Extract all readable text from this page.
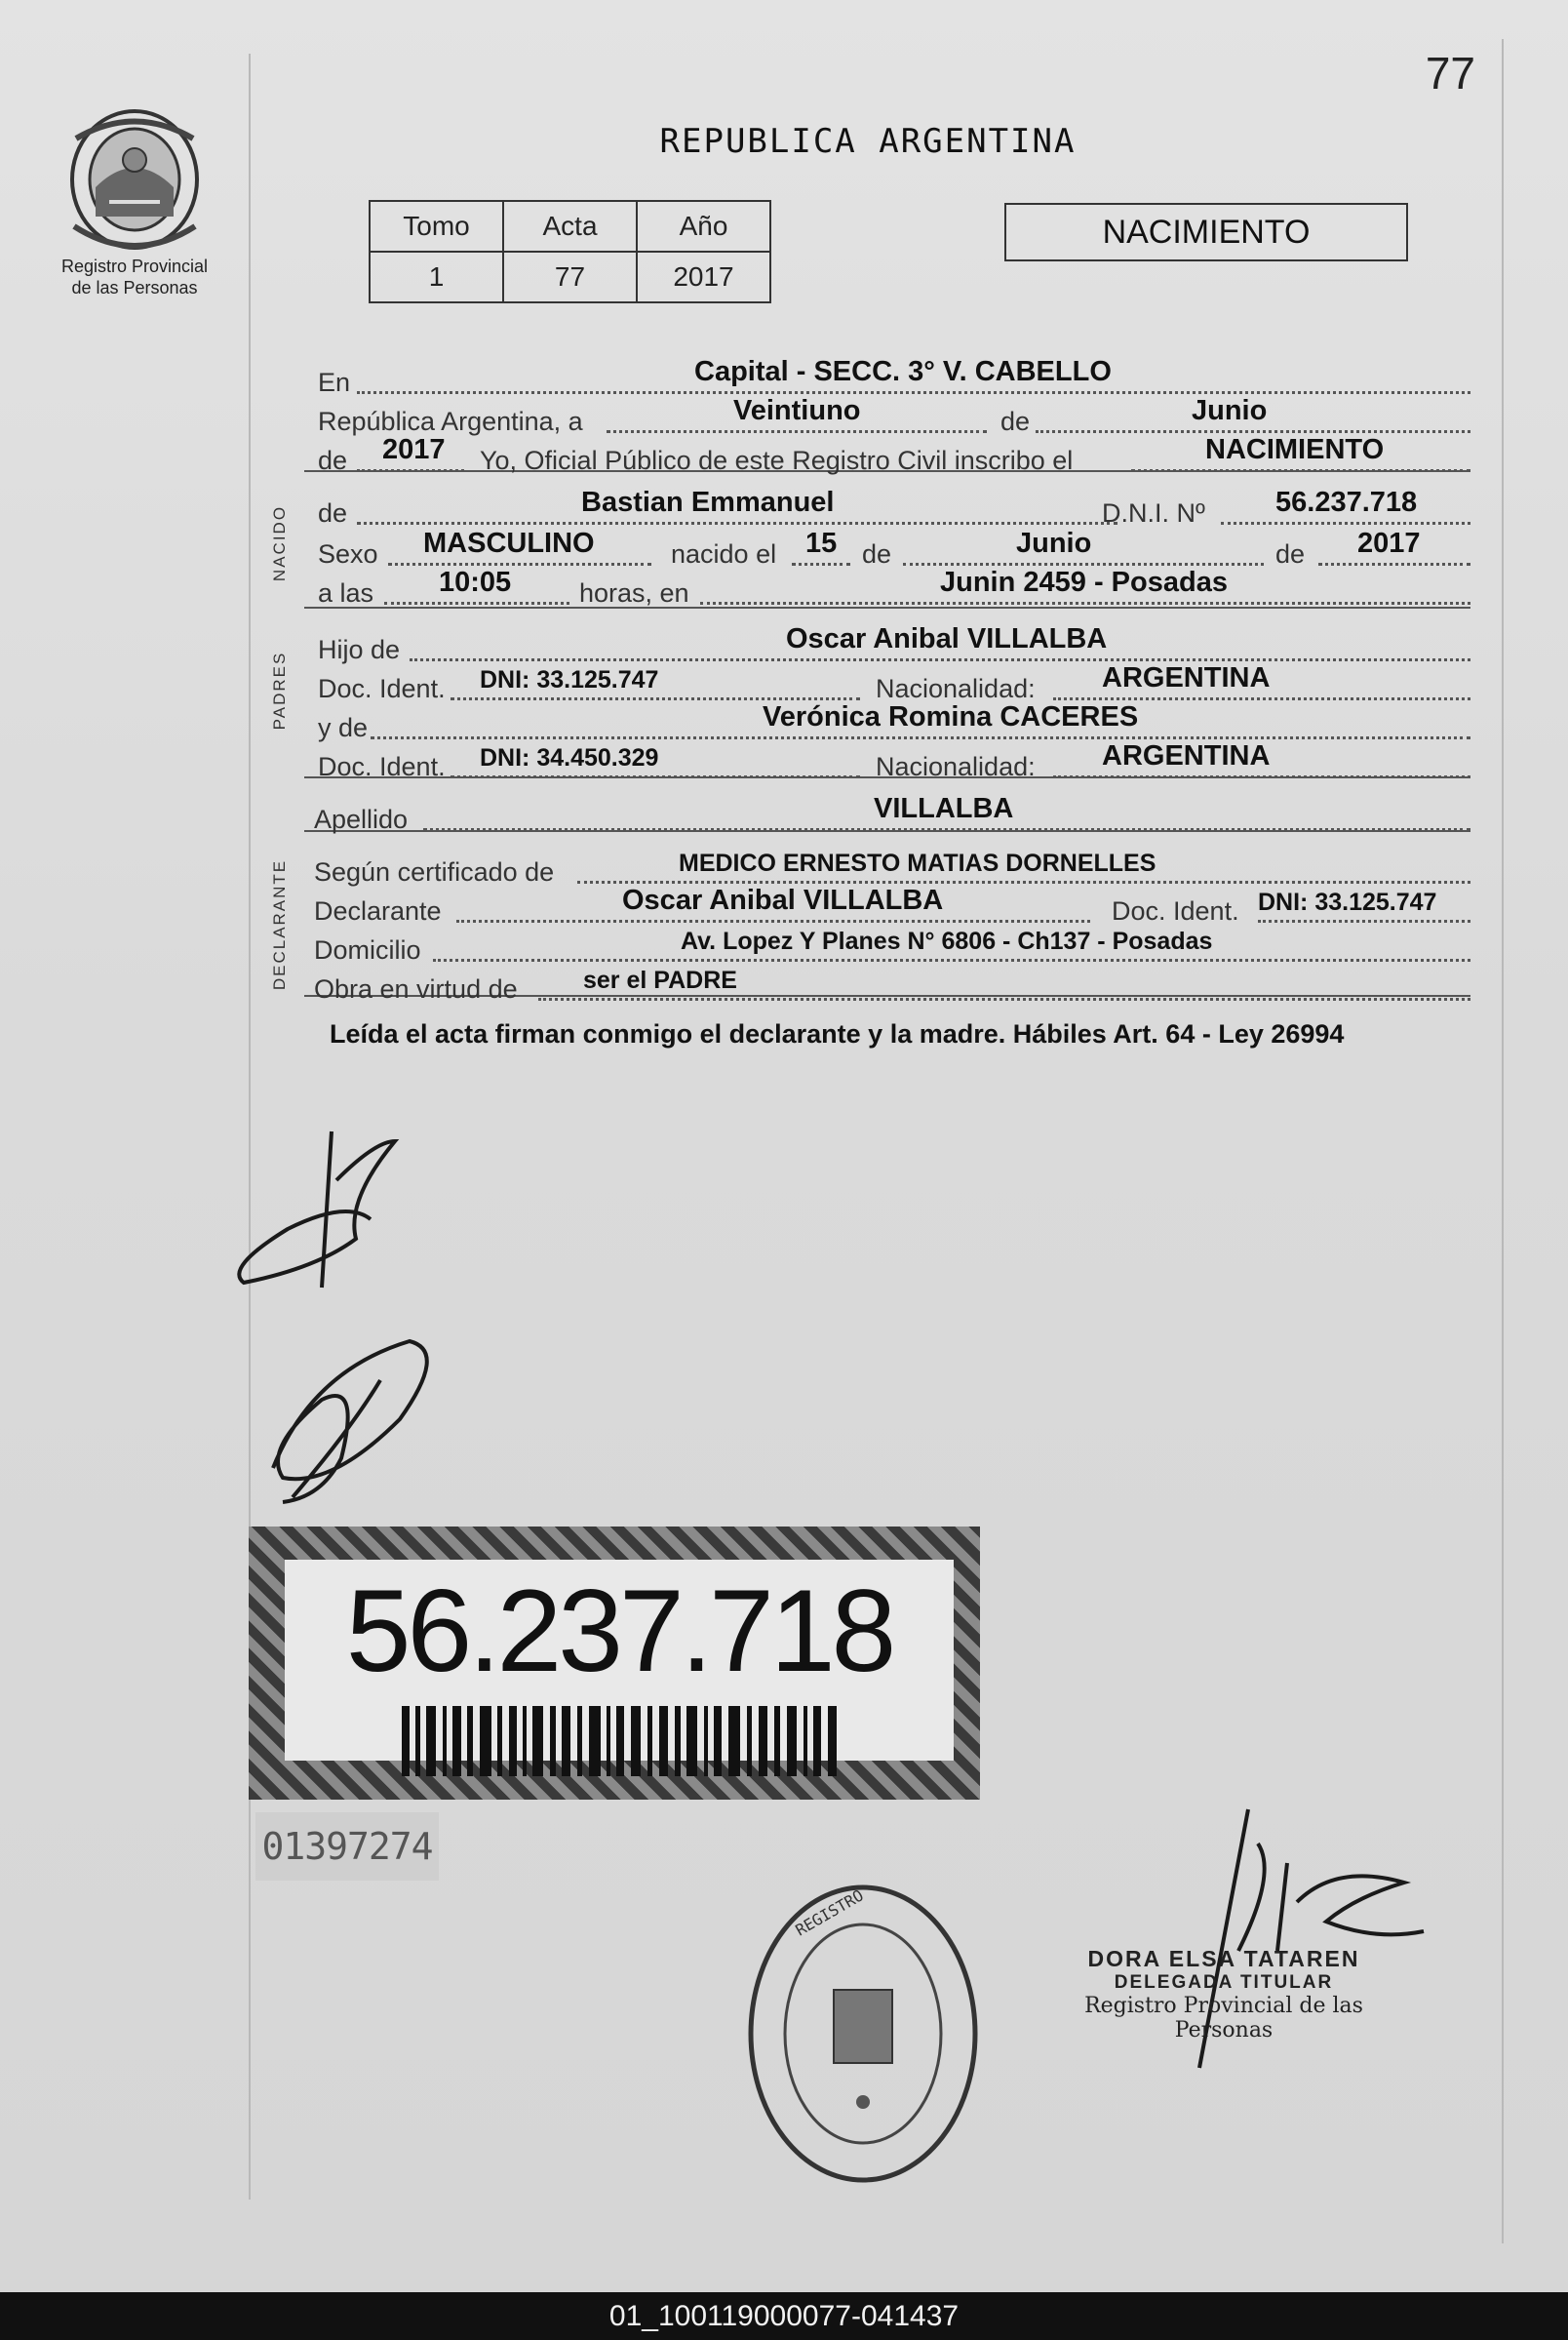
77
Registro Provincial
de las Personas
REPUBLICA ARGENTINA
Tomo	Acta	Año
1	77	2017
NACIMIENTO
NACIDO
PADRES
DECLARANTE
En	Capital - SECC. 3° V. CABELLO
República Argentina, a	Veintiuno	de	Junio
de 2017 Yo, Oficial Público de este Registro Civil inscribo el	NACIMIENTO
de	Bastian Emmanuel	D.N.I. Nº 56.237.718
Sexo MASCULINO	nacido el 15 de	Junio	de 2017
a las 10:05	horas, en	Junin 2459 - Posadas
Hijo de	Oscar Anibal VILLALBA
Doc. Ident. DNI: 33.125.747	Nacionalidad: ARGENTINA
y de	Verónica Romina CACERES
Doc. Ident. DNI: 34.450.329	Nacionalidad: ARGENTINA
Apellido	VILLALBA
Según certificado de	MEDICO ERNESTO MATIAS DORNELLES
Declarante	Oscar Anibal VILLALBA	Doc. Ident. DNI: 33.125.747
Domicilio	Av. Lopez Y Planes N° 6806 - Ch137 - Posadas
Obra en virtud de	ser el PADRE
Leída el acta firman conmigo el declarante y la madre. Hábiles Art. 64 - Ley 26994
56.237.718
01397274
REGISTRO
DORA ELSA TATAREN
DELEGADA TITULAR
Registro Provincial de las Personas
01_100119000077-041437
